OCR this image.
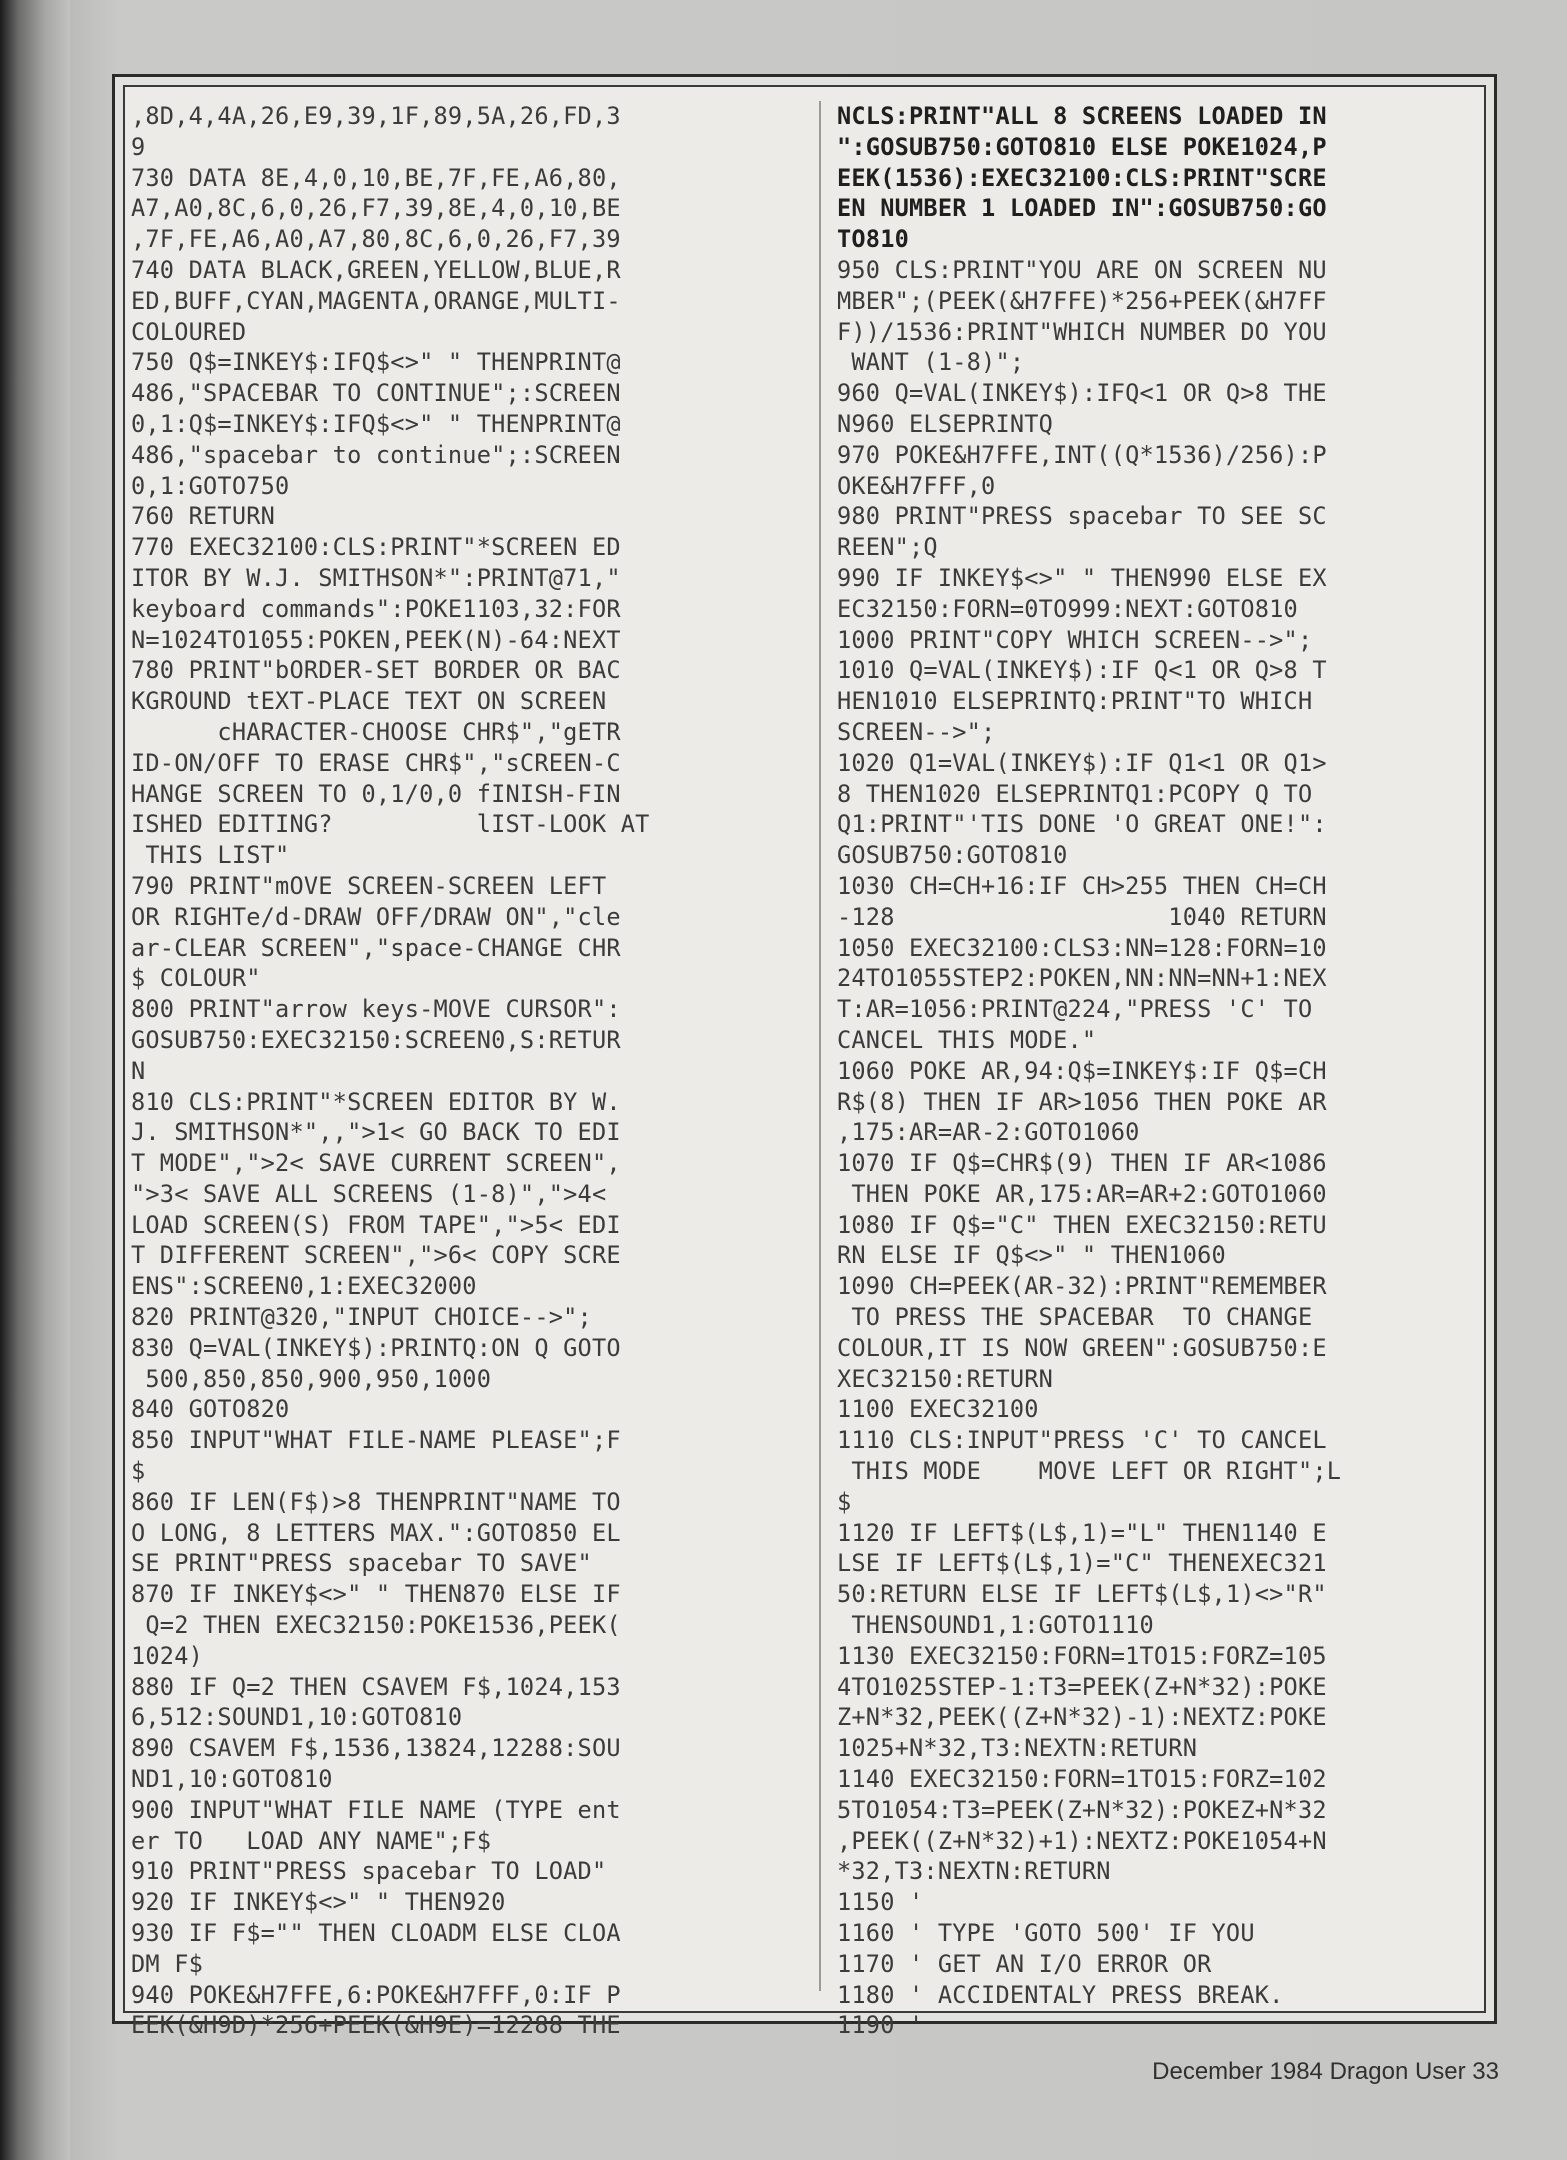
,8D,4,4A,26,E9,39,1F,89,5A,26,FD,3
9
730 DATA 8E,4,0,10,BE,7F,FE,A6,80,
A7,A0,8C,6,0,26,F7,39,8E,4,0,10,BE
,7F,FE,A6,A0,A7,80,8C,6,0,26,F7,39
740 DATA BLACK,GREEN,YELLOW,BLUE,R
ED,BUFF,CYAN,MAGENTA,ORANGE,MULTI-
COLOURED
750 Q$=INKEY$:IFQ$<>" " THENPRINT@
486,"SPACEBAR TO CONTINUE";:SCREEN
0,1:Q$=INKEY$:IFQ$<>" " THENPRINT@
486,"spacebar to continue";:SCREEN
0,1:GOTO750
760 RETURN
770 EXEC32100:CLS:PRINT"*SCREEN ED
ITOR BY W.J. SMITHSON*":PRINT@71,"
keyboard commands":POKE1103,32:FOR
N=1024TO1055:POKEN,PEEK(N)-64:NEXT
780 PRINT"bORDER-SET BORDER OR BAC
KGROUND tEXT-PLACE TEXT ON SCREEN
cHARACTER-CHOOSE CHR$","gETR
ID-ON/OFF TO ERASE CHR$","sCREEN-C
HANGE SCREEN TO 0,1/0,0 fINISH-FIN
ISHED EDITING?          lIST-LOOK AT
THIS LIST"
790 PRINT"mOVE SCREEN-SCREEN LEFT
OR RIGHTe/d-DRAW OFF/DRAW ON","cle
ar-CLEAR SCREEN","space-CHANGE CHR
$ COLOUR"
800 PRINT"arrow keys-MOVE CURSOR":
GOSUB750:EXEC32150:SCREEN0,S:RETUR
N
810 CLS:PRINT"*SCREEN EDITOR BY W.
J. SMITHSON*",,">1< GO BACK TO EDI
T MODE",">2< SAVE CURRENT SCREEN",
">3< SAVE ALL SCREENS (1-8)",">4<
LOAD SCREEN(S) FROM TAPE",">5< EDI
T DIFFERENT SCREEN",">6< COPY SCRE
ENS":SCREEN0,1:EXEC32000
820 PRINT@320,"INPUT CHOICE-->";
830 Q=VAL(INKEY$):PRINTQ:ON Q GOTO
500,850,850,900,950,1000
840 GOTO820
850 INPUT"WHAT FILE-NAME PLEASE";F
$
860 IF LEN(F$)>8 THENPRINT"NAME TO
O LONG, 8 LETTERS MAX.":GOTO850 EL
SE PRINT"PRESS spacebar TO SAVE"
870 IF INKEY$<>" " THEN870 ELSE IF
Q=2 THEN EXEC32150:POKE1536,PEEK(
1024)
880 IF Q=2 THEN CSAVEM F$,1024,153
6,512:SOUND1,10:GOTO810
890 CSAVEM F$,1536,13824,12288:SOU
ND1,10:GOTO810
900 INPUT"WHAT FILE NAME (TYPE ent
er TO   LOAD ANY NAME";F$
910 PRINT"PRESS spacebar TO LOAD"
920 IF INKEY$<>" " THEN920
930 IF F$="" THEN CLOADM ELSE CLOA
DM F$
940 POKE&H7FFE,6:POKE&H7FFF,0:IF P
EEK(&H9D)*256+PEEK(&H9E)=12288 THE
NCLS:PRINT"ALL 8 SCREENS LOADED IN
":GOSUB750:GOTO810 ELSE POKE1024,P
EEK(1536):EXEC32100:CLS:PRINT"SCRE
EN NUMBER 1 LOADED IN":GOSUB750:GO
TO810
950 CLS:PRINT"YOU ARE ON SCREEN NU
MBER";(PEEK(&H7FFE)*256+PEEK(&H7FF
F))/1536:PRINT"WHICH NUMBER DO YOU
WANT (1-8)";
960 Q=VAL(INKEY$):IFQ<1 OR Q>8 THE
N960 ELSEPRINTQ
970 POKE&H7FFE,INT((Q*1536)/256):P
OKE&H7FFF,0
980 PRINT"PRESS spacebar TO SEE SC
REEN";Q
990 IF INKEY$<>" " THEN990 ELSE EX
EC32150:FORN=0TO999:NEXT:GOTO810
1000 PRINT"COPY WHICH SCREEN-->";
1010 Q=VAL(INKEY$):IF Q<1 OR Q>8 T
HEN1010 ELSEPRINTQ:PRINT"TO WHICH
SCREEN-->";
1020 Q1=VAL(INKEY$):IF Q1<1 OR Q1>
8 THEN1020 ELSEPRINTQ1:PCOPY Q TO
Q1:PRINT"'TIS DONE 'O GREAT ONE!":
GOSUB750:GOTO810
1030 CH=CH+16:IF CH>255 THEN CH=CH
-128                   1040 RETURN
1050 EXEC32100:CLS3:NN=128:FORN=10
24TO1055STEP2:POKEN,NN:NN=NN+1:NEX
T:AR=1056:PRINT@224,"PRESS 'C' TO
CANCEL THIS MODE."
1060 POKE AR,94:Q$=INKEY$:IF Q$=CH
R$(8) THEN IF AR>1056 THEN POKE AR
,175:AR=AR-2:GOTO1060
1070 IF Q$=CHR$(9) THEN IF AR<1086
THEN POKE AR,175:AR=AR+2:GOTO1060
1080 IF Q$="C" THEN EXEC32150:RETU
RN ELSE IF Q$<>" " THEN1060
1090 CH=PEEK(AR-32):PRINT"REMEMBER
TO PRESS THE SPACEBAR  TO CHANGE
COLOUR,IT IS NOW GREEN":GOSUB750:E
XEC32150:RETURN
1100 EXEC32100
1110 CLS:INPUT"PRESS 'C' TO CANCEL
THIS MODE    MOVE LEFT OR RIGHT";L
$
1120 IF LEFT$(L$,1)="L" THEN1140 E
LSE IF LEFT$(L$,1)="C" THENEXEC321
50:RETURN ELSE IF LEFT$(L$,1)<>"R"
THENSOUND1,1:GOTO1110
1130 EXEC32150:FORN=1TO15:FORZ=105
4TO1025STEP-1:T3=PEEK(Z+N*32):POKE
Z+N*32,PEEK((Z+N*32)-1):NEXTZ:POKE
1025+N*32,T3:NEXTN:RETURN
1140 EXEC32150:FORN=1TO15:FORZ=102
5TO1054:T3=PEEK(Z+N*32):POKEZ+N*32
,PEEK((Z+N*32)+1):NEXTZ:POKE1054+N
*32,T3:NEXTN:RETURN
1150 '
1160 ' TYPE 'GOTO 500' IF YOU
1170 ' GET AN I/O ERROR OR
1180 ' ACCIDENTALY PRESS BREAK.
1190 '
December 1984 Dragon User 33
